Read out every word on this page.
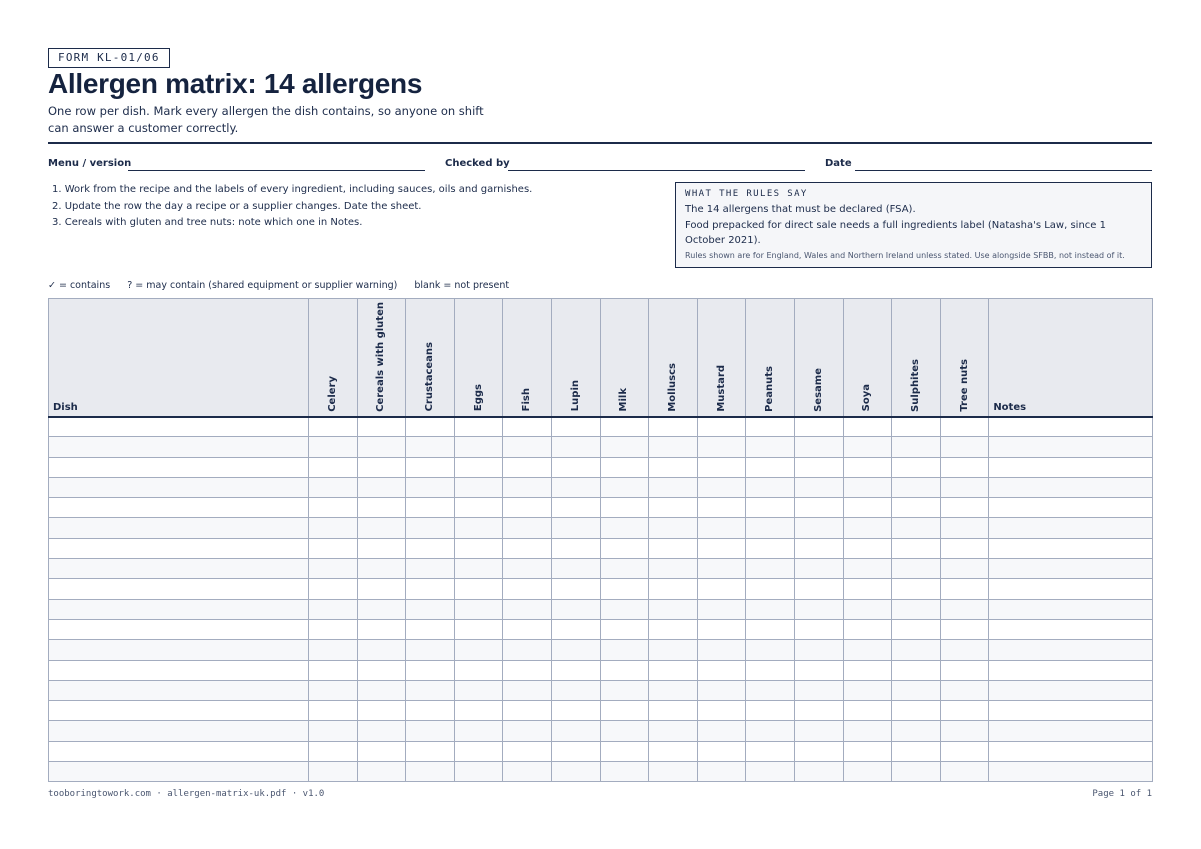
FORM KL-01/06
Allergen matrix: 14 allergens
One row per dish. Mark every allergen the dish contains, so anyone on shift can answer a customer correctly.
Menu / version	Checked by	Date
1. Work from the recipe and the labels of every ingredient, including sauces, oils and garnishes.
2. Update the row the day a recipe or a supplier changes. Date the sheet.
3. Cereals with gluten and tree nuts: note which one in Notes.
WHAT THE RULES SAY
The 14 allergens that must be declared (FSA).
Food prepacked for direct sale needs a full ingredients label (Natasha's Law, since 1 October 2021).
Rules shown are for England, Wales and Northern Ireland unless stated. Use alongside SFBB, not instead of it.
✓ = contains ? = may contain (shared equipment or supplier warning) blank = not present
Dish	Celery	Cereals with gluten	Crustaceans	Eggs	Fish	Lupin	Milk	Molluscs	Mustard	Peanuts	Sesame	Soya	Sulphites	Tree nuts	Notes

tooboringtowork.com · allergen-matrix-uk.pdf · v1.0	Page 1 of 1
